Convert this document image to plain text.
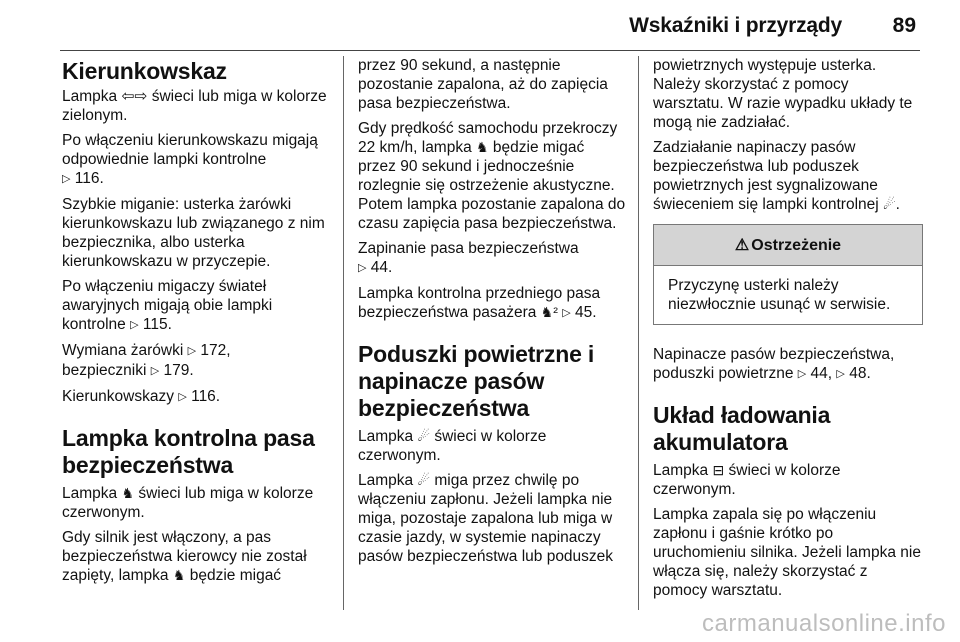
Wskaźniki i przyrządy 89
Kierunkowskaz

Lampka ⇦⇨ świeci lub miga w kolorze zielonym.

Po włączeniu kierunkowskazu migają odpowiednie lampki kontrolne
▷ 116.

Szybkie miganie: usterka żarówki kierunkowskazu lub związanego z nim bezpiecznika, albo usterka kierunkowskazu w przyczepie.

Po włączeniu migaczy świateł awaryjnych migają obie lampki kontrolne ▷ 115.

Wymiana żarówki ▷ 172,
bezpieczniki ▷ 179.

Kierunkowskazy ▷ 116.

Lampka kontrolna pasa bezpieczeństwa

Lampka ♞ świeci lub miga w kolorze czerwonym.

Gdy silnik jest włączony, a pas bezpieczeństwa kierowcy nie został zapięty, lampka ♞ będzie migać

przez 90 sekund, a następnie pozostanie zapalona, aż do zapięcia pasa bezpieczeństwa.

Gdy prędkość samochodu przekroczy 22 km/h, lampka ♞ będzie migać przez 90 sekund i jednocześnie rozlegnie się ostrzeżenie akustyczne. Potem lampka pozostanie zapalona do czasu zapięcia pasa bezpieczeństwa.

Zapinanie pasa bezpieczeństwa
▷ 44.

Lampka kontrolna przedniego pasa bezpieczeństwa pasażera ♞² ▷ 45.

Poduszki powietrzne i napinacze pasów bezpieczeństwa

Lampka ☄ świeci w kolorze czerwonym.

Lampka ☄ miga przez chwilę po włączeniu zapłonu. Jeżeli lampka nie miga, pozostaje zapalona lub miga w czasie jazdy, w systemie napinaczy pasów bezpieczeństwa lub poduszek

powietrznych występuje usterka. Należy skorzystać z pomocy warsztatu. W razie wypadku układy te mogą nie zadziałać.

Zadziałanie napinaczy pasów bezpieczeństwa lub poduszek powietrznych jest sygnalizowane świeceniem się lampki kontrolnej ☄.

⚠ Ostrzeżenie
Przyczynę usterki należy niezwłocznie usunąć w serwisie.

Napinacze pasów bezpieczeństwa, poduszki powietrzne ▷ 44, ▷ 48.

Układ ładowania akumulatora

Lampka ⊟ świeci w kolorze czerwonym.

Lampka zapala się po włączeniu zapłonu i gaśnie krótko po uruchomieniu silnika. Jeżeli lampka nie włącza się, należy skorzystać z pomocy warsztatu.

carmanualsonline.info
